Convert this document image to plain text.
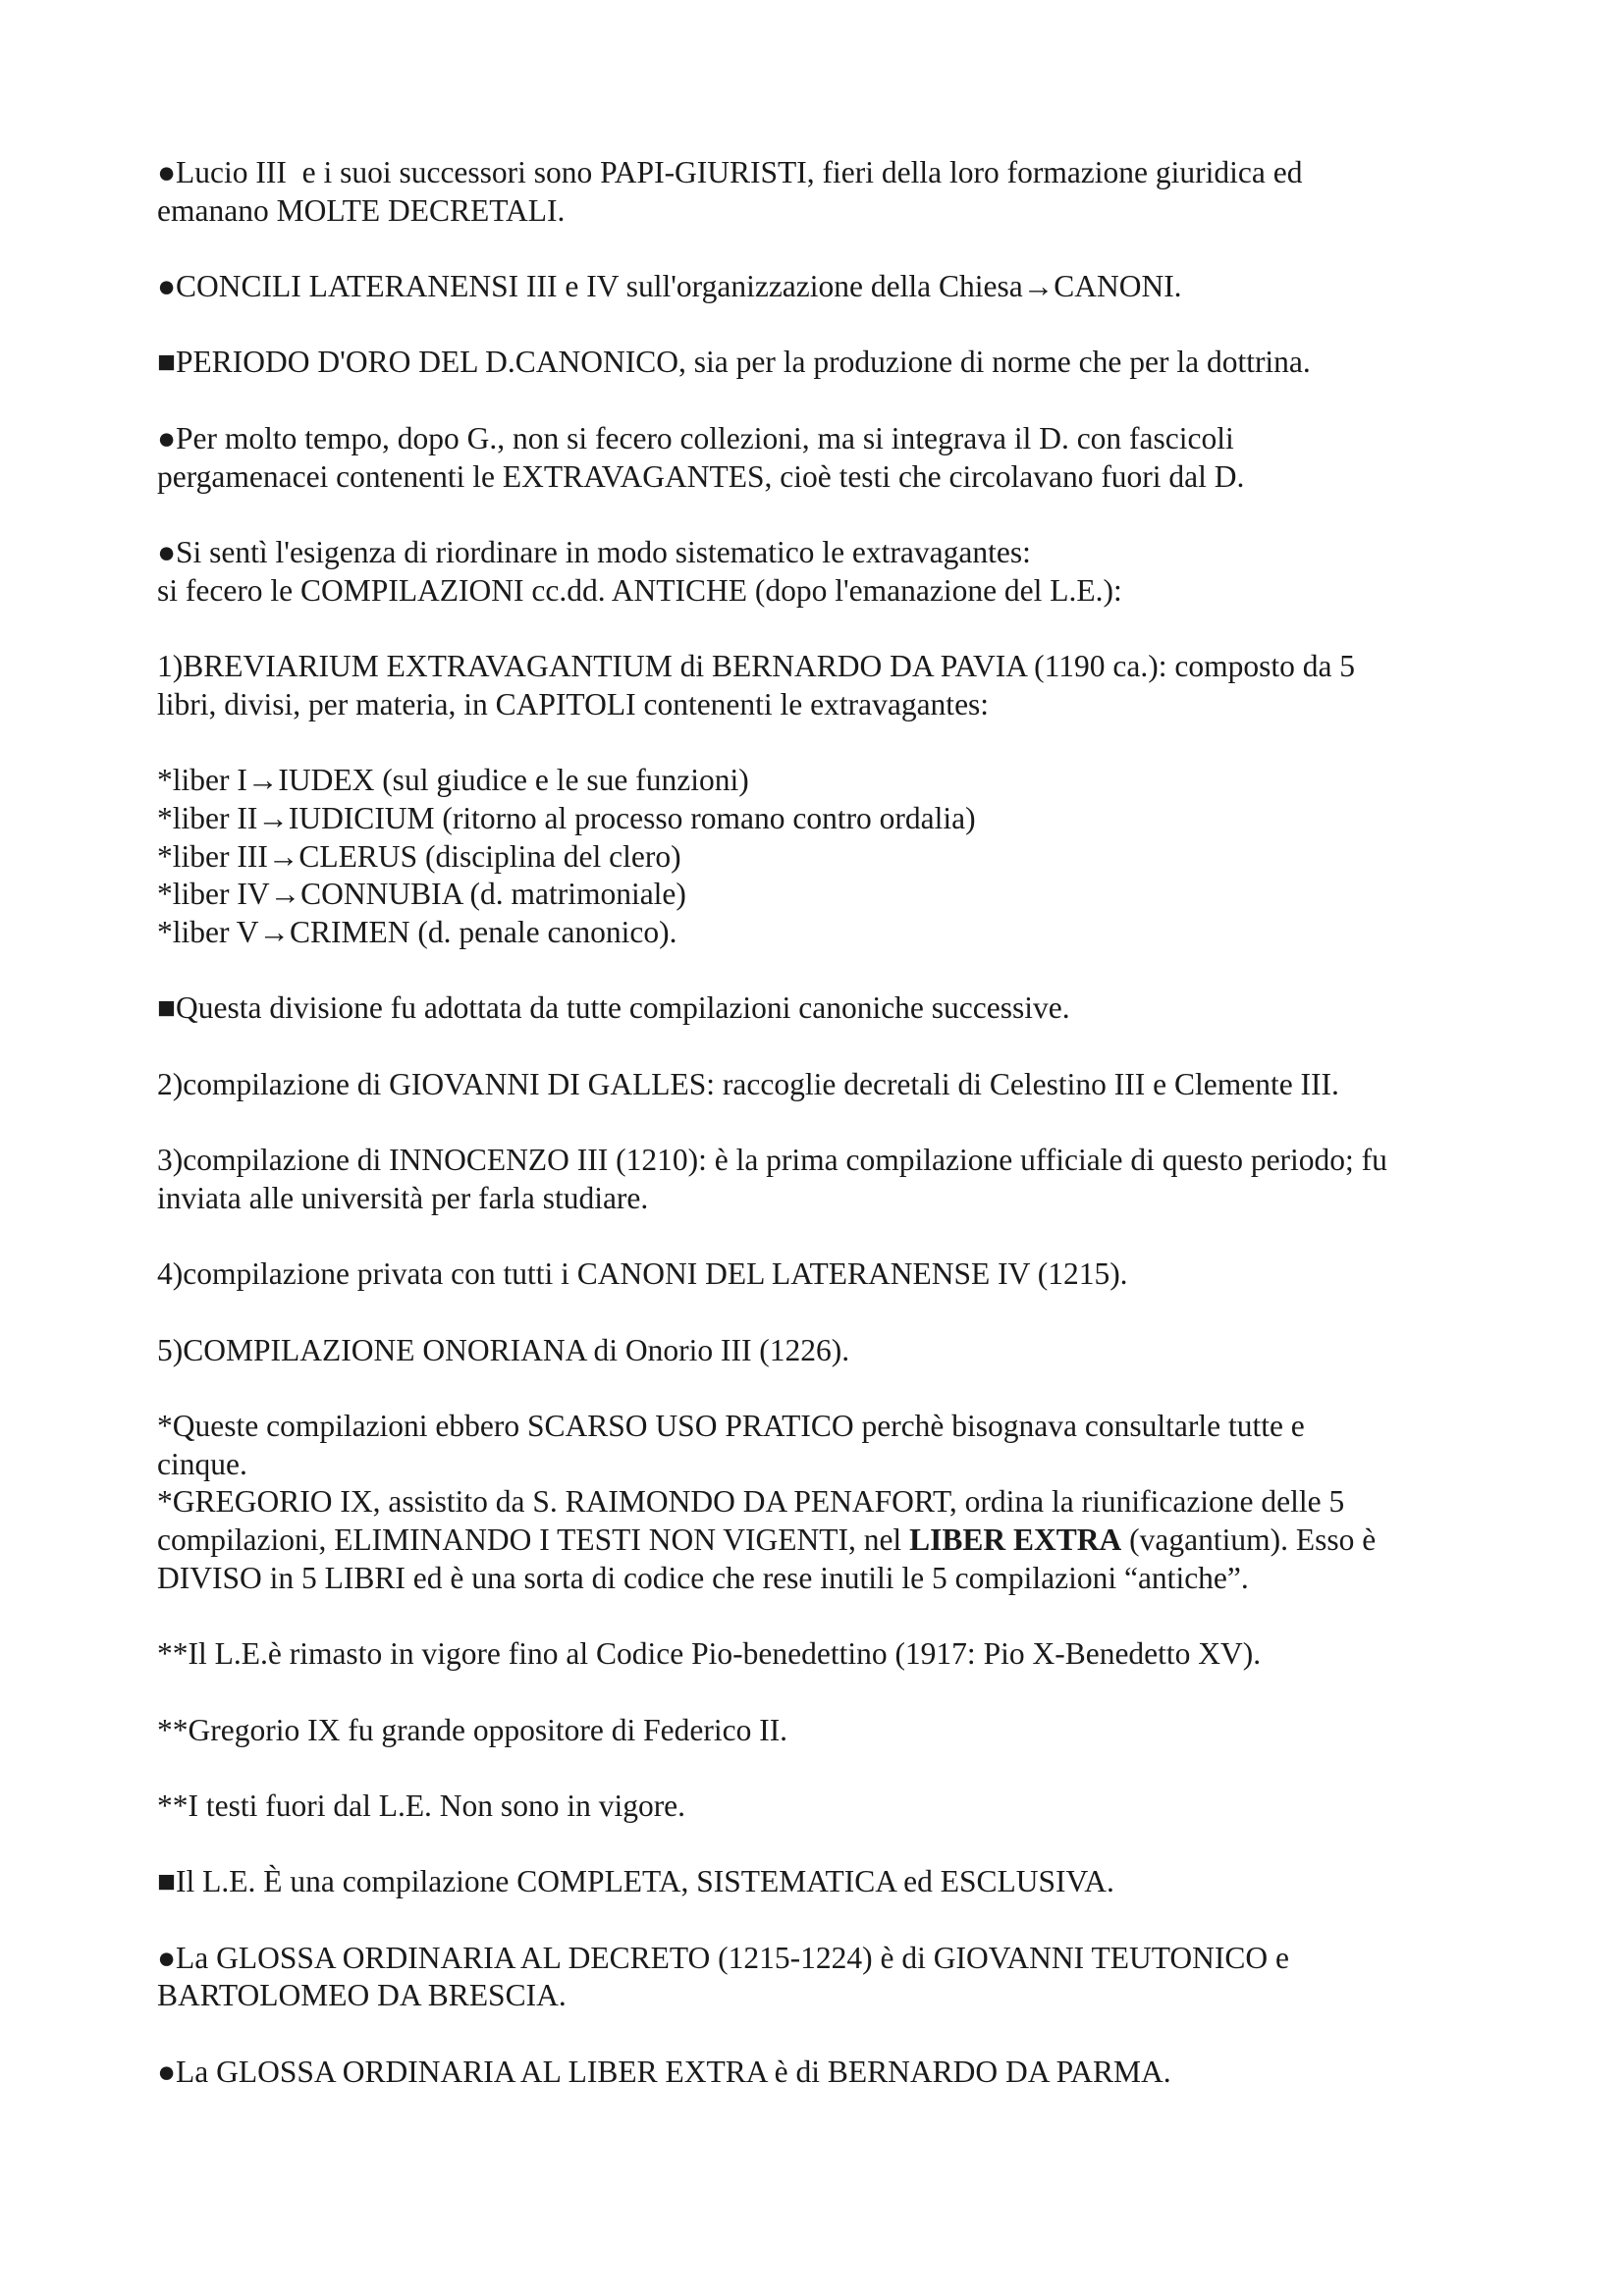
●Lucio III  e i suoi successori sono PAPI-GIURISTI, fieri della loro formazione giuridica ed
emanano MOLTE DECRETALI.
●CONCILI LATERANENSI III e IV sull'organizzazione della Chiesa→CANONI.
■PERIODO D'ORO DEL D.CANONICO, sia per la produzione di norme che per la dottrina.
●Per molto tempo, dopo G., non si fecero collezioni, ma si integrava il D. con fascicoli
pergamenacei contenenti le EXTRAVAGANTES, cioè testi che circolavano fuori dal D.
●Si sentì l'esigenza di riordinare in modo sistematico le extravagantes:
si fecero le COMPILAZIONI cc.dd. ANTICHE (dopo l'emanazione del L.E.):
1)BREVIARIUM EXTRAVAGANTIUM di BERNARDO DA PAVIA (1190 ca.): composto da 5
libri, divisi, per materia, in CAPITOLI contenenti le extravagantes:
*liber I→IUDEX (sul giudice e le sue funzioni)
*liber II→IUDICIUM (ritorno al processo romano contro ordalia)
*liber III→CLERUS (disciplina del clero)
*liber IV→CONNUBIA (d. matrimoniale)
*liber V→CRIMEN (d. penale canonico).
■Questa divisione fu adottata da tutte compilazioni canoniche successive.
2)compilazione di GIOVANNI DI GALLES: raccoglie decretali di Celestino III e Clemente III.
3)compilazione di INNOCENZO III (1210): è la prima compilazione ufficiale di questo periodo; fu
inviata alle università per farla studiare.
4)compilazione privata con tutti i CANONI DEL LATERANENSE IV (1215).
5)COMPILAZIONE ONORIANA di Onorio III (1226).
*Queste compilazioni ebbero SCARSO USO PRATICO perchè bisognava consultarle tutte e
cinque.
*GREGORIO IX, assistito da S. RAIMONDO DA PENAFORT, ordina la riunificazione delle 5
compilazioni, ELIMINANDO I TESTI NON VIGENTI, nel LIBER EXTRA (vagantium). Esso è
DIVISO in 5 LIBRI ed è una sorta di codice che rese inutili le 5 compilazioni “antiche”.
**Il L.E.è rimasto in vigore fino al Codice Pio-benedettino (1917: Pio X-Benedetto XV).
**Gregorio IX fu grande oppositore di Federico II.
**I testi fuori dal L.E. Non sono in vigore.
■Il L.E. È una compilazione COMPLETA, SISTEMATICA ed ESCLUSIVA.
●La GLOSSA ORDINARIA AL DECRETO (1215-1224) è di GIOVANNI TEUTONICO e
BARTOLOMEO DA BRESCIA.
●La GLOSSA ORDINARIA AL LIBER EXTRA è di BERNARDO DA PARMA.
